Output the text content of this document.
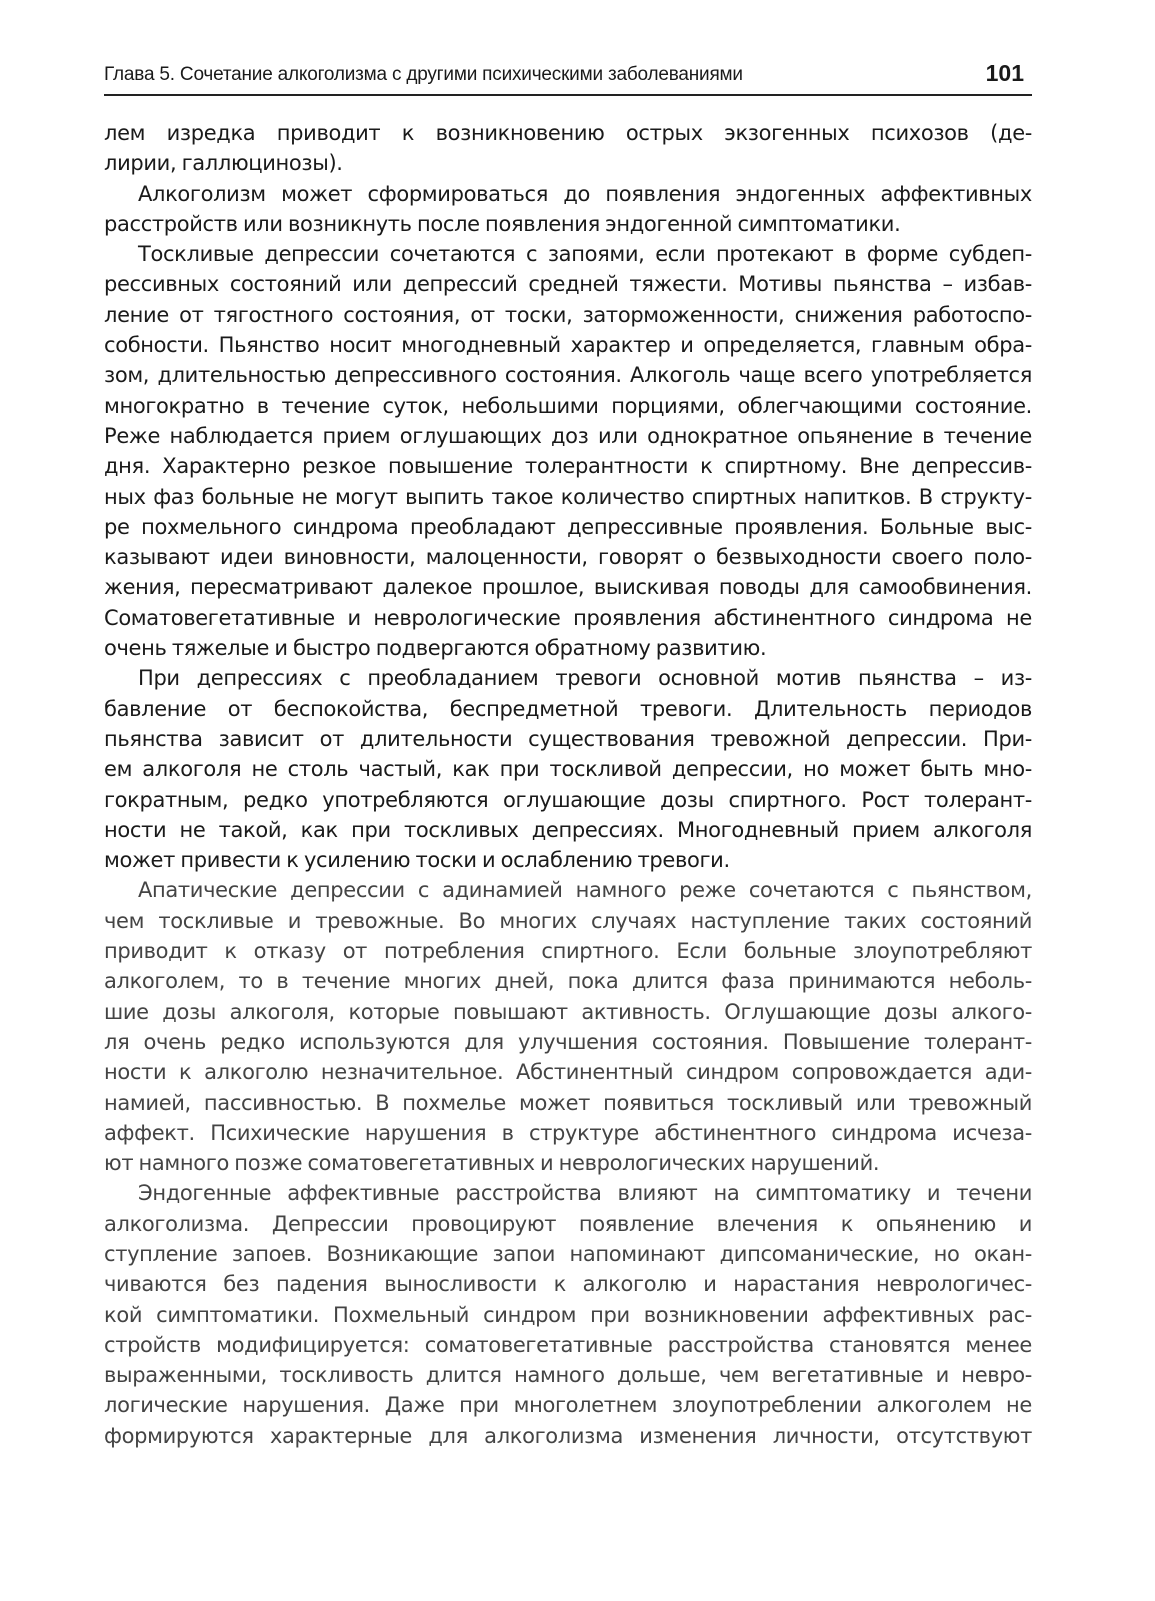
Глава 5. Сочетание алкоголизма с другими психическими заболеваниями	101
лем изредка приводит к возникновению острых экзогенных психозов (де-
лирии, галлюцинозы).
Алкоголизм может сформироваться до появления эндогенных аффективных
расстройств или возникнуть после появления эндогенной симптоматики.
Тоскливые депрессии сочетаются с запоями, если протекают в форме субдеп-
рессивных состояний или депрессий средней тяжести. Мотивы пьянства – избав-
ление от тягостного состояния, от тоски, заторможенности, снижения работоспо-
собности. Пьянство носит многодневный характер и определяется, главным обра-
зом, длительностью депрессивного состояния. Алкоголь чаще всего употребляется
многократно в течение суток, небольшими порциями, облегчающими состояние.
Реже наблюдается прием оглушающих доз или однократное опьянение в течение
дня. Характерно резкое повышение толерантности к спиртному. Вне депрессив-
ных фаз больные не могут выпить такое количество спиртных напитков. В структу-
ре похмельного синдрома преобладают депрессивные проявления. Больные выс-
казывают идеи виновности, малоценности, говорят о безвыходности своего поло-
жения, пересматривают далекое прошлое, выискивая поводы для самообвинения.
Соматовегетативные и неврологические проявления абстинентного синдрома не
очень тяжелые и быстро подвергаются обратному развитию.
При депрессиях с преобладанием тревоги основной мотив пьянства – из-
бавление от беспокойства, беспредметной тревоги. Длительность периодов
пьянства зависит от длительности существования тревожной депрессии. При-
ем алкоголя не столь частый, как при тоскливой депрессии, но может быть мно-
гократным, редко употребляются оглушающие дозы спиртного. Рост толерант-
ности не такой, как при тоскливых депрессиях. Многодневный прием алкоголя
может привести к усилению тоски и ослаблению тревоги.
Апатические депрессии с адинамией намного реже сочетаются с пьянством,
чем тоскливые и тревожные. Во многих случаях наступление таких состояний
приводит к отказу от потребления спиртного. Если больные злоупотребляют
алкоголем, то в течение многих дней, пока длится фаза принимаются неболь-
шие дозы алкоголя, которые повышают активность. Оглушающие дозы алкого-
ля очень редко используются для улучшения состояния. Повышение толерант-
ности к алкоголю незначительное. Абстинентный синдром сопровождается ади-
намией, пассивностью. В похмелье может появиться тоскливый или тревожный
аффект. Психические нарушения в структуре абстинентного синдрома исчеза-
ют намного позже соматовегетативных и неврологических нарушений.
Эндогенные аффективные расстройства влияют на симптоматику и течени
алкоголизма. Депрессии провоцируют появление влечения к опьянению и
ступление запоев. Возникающие запои напоминают дипсоманические, но окан-
чиваются без падения выносливости к алкоголю и нарастания неврологичес-
кой симптоматики. Похмельный синдром при возникновении аффективных рас-
стройств модифицируется: соматовегетативные расстройства становятся менее
выраженными, тоскливость длится намного дольше, чем вегетативные и невро-
логические нарушения. Даже при многолетнем злоупотреблении алкоголем не
формируются характерные для алкоголизма изменения личности, отсутствуют
